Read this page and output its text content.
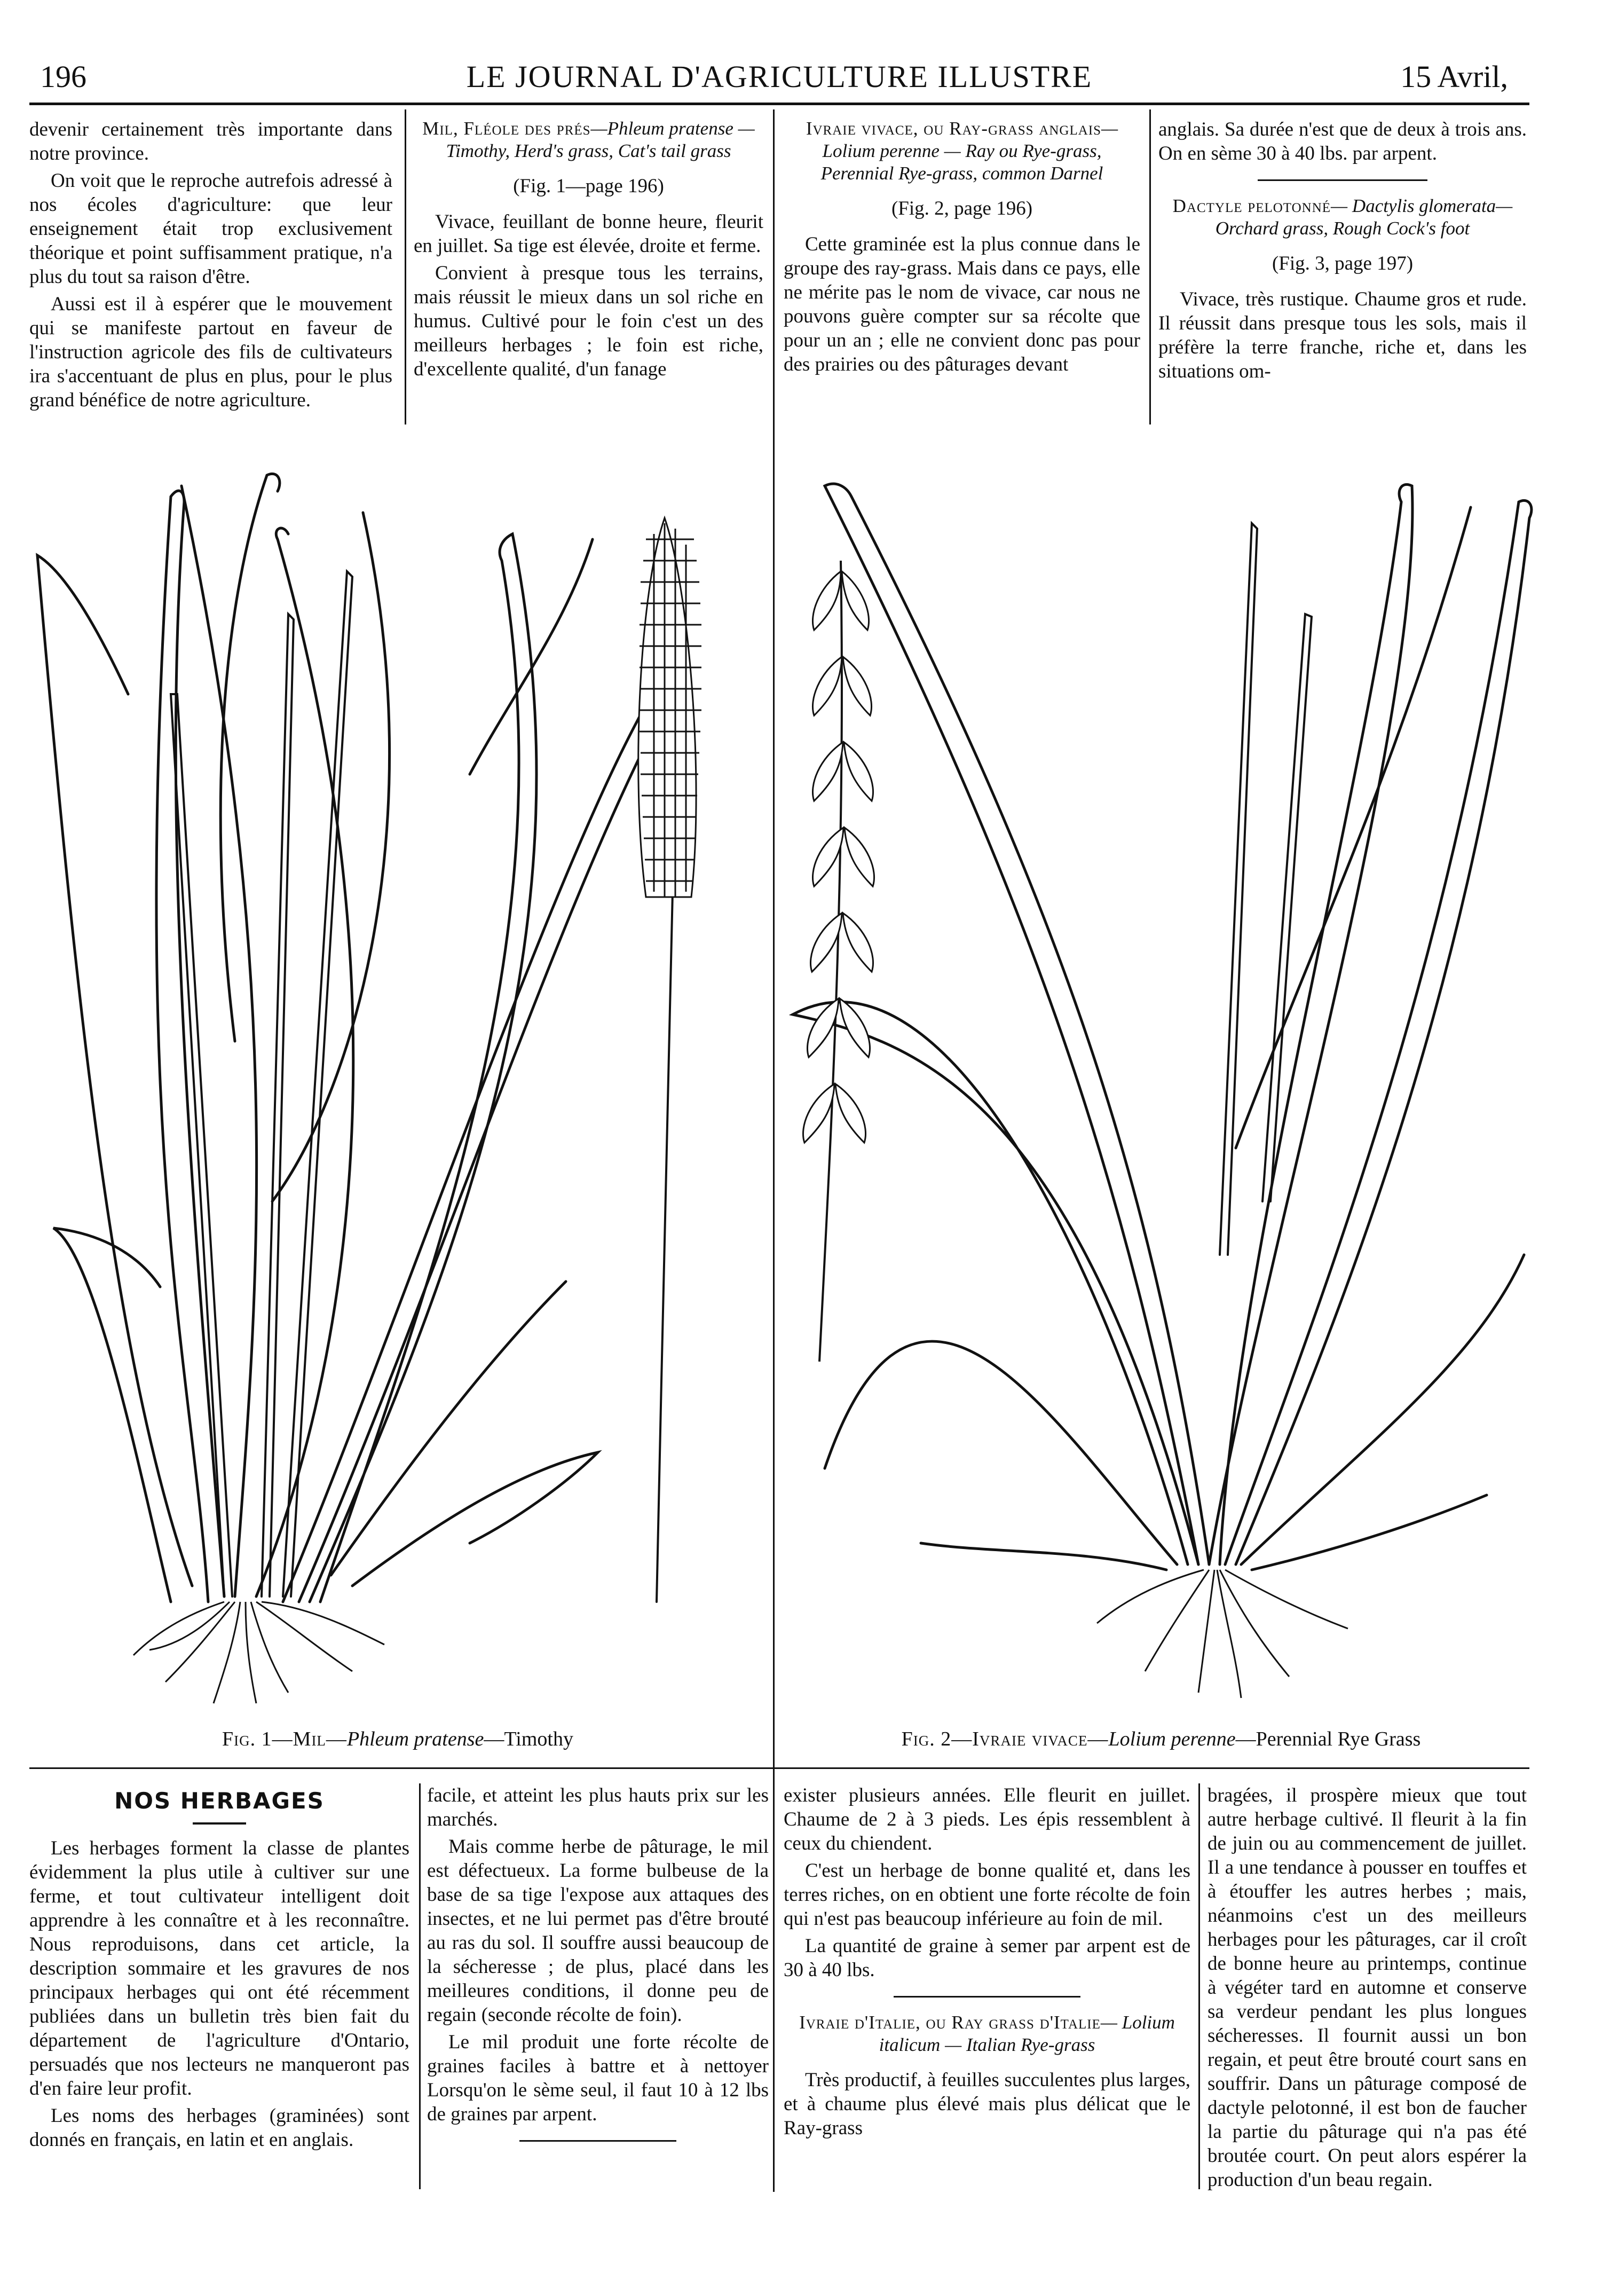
196	LE JOURNAL D'AGRICULTURE ILLUSTRE	15 Avril,

devenir certainement très importante dans notre province.

On voit que le reproche autrefois adressé à nos écoles d'agriculture: que leur enseignement était trop exclusivement théorique et point suffisamment pratique, n'a plus du tout sa raison d'être.

Aussi est il à espérer que le mouvement qui se manifeste partout en faveur de l'instruction agricole des fils de cultivateurs ira s'accentuant de plus en plus, pour le plus grand bénéfice de notre agriculture.

Mil, Fléole des prés—Phleum pratense — Timothy, Herd's grass, Cat's tail grass

(Fig. 1—page 196)

Vivace, feuillant de bonne heure, fleurit en juillet. Sa tige est élevée, droite et ferme.

Convient à presque tous les terrains, mais réussit le mieux dans un sol riche en humus. Cultivé pour le foin c'est un des meilleurs herbages ; le foin est riche, d'excellente qualité, d'un fanage

Ivraie vivace, ou Ray-grass anglais—Lolium perenne — Ray ou Rye-grass, Perennial Rye-grass, common Darnel

(Fig. 2, page 196)

Cette graminée est la plus connue dans le groupe des ray-grass. Mais dans ce pays, elle ne mérite pas le nom de vivace, car nous ne pouvons guère compter sur sa récolte que pour un an ; elle ne convient donc pas pour des prairies ou des pâturages devant

anglais. Sa durée n'est que de deux à trois ans. On en sème 30 à 40 lbs. par arpent.

Dactyle pelotonné— Dactylis glomerata—Orchard grass, Rough Cock's foot

(Fig. 3, page 197)

Vivace, très rustique. Chaume gros et rude. Il réussit dans presque tous les sols, mais il préfère la terre franche, riche et, dans les situations om-

Fig. 1—Mil—Phleum pratense—Timothy	Fig. 2—Ivraie vivace—Lolium perenne—Perennial Rye Grass
NOS HERBAGES

Les herbages forment la classe de plantes évidemment la plus utile à cultiver sur une ferme, et tout cultivateur intelligent doit apprendre à les connaître et à les reconnaître. Nous reproduisons, dans cet article, la description sommaire et les gravures de nos principaux herbages qui ont été récemment publiées dans un bulletin très bien fait du département de l'agriculture d'Ontario, persuadés que nos lecteurs ne manqueront pas d'en faire leur profit.

Les noms des herbages (graminées) sont donnés en français, en latin et en anglais.

facile, et atteint les plus hauts prix sur les marchés.

Mais comme herbe de pâturage, le mil est défectueux. La forme bulbeuse de la base de sa tige l'expose aux attaques des insectes, et ne lui permet pas d'être brouté au ras du sol. Il souffre aussi beaucoup de la sécheresse ; de plus, placé dans les meilleures conditions, il donne peu de regain (seconde récolte de foin).

Le mil produit une forte récolte de graines faciles à battre et à nettoyer Lorsqu'on le sème seul, il faut 10 à 12 lbs de graines par arpent.

exister plusieurs années. Elle fleurit en juillet. Chaume de 2 à 3 pieds. Les épis ressemblent à ceux du chiendent.

C'est un herbage de bonne qualité et, dans les terres riches, on en obtient une forte récolte de foin qui n'est pas beaucoup inférieure au foin de mil.

La quantité de graine à semer par arpent est de 30 à 40 lbs.

Ivraie d'Italie, ou Ray grass d'Italie— Lolium italicum — Italian Rye-grass

Très productif, à feuilles succulentes plus larges, et à chaume plus élevé mais plus délicat que le Ray-grass

bragées, il prospère mieux que tout autre herbage cultivé. Il fleurit à la fin de juin ou au commencement de juillet. Il a une tendance à pousser en touffes et à étouffer les autres herbes ; mais, néanmoins c'est un des meilleurs herbages pour les pâturages, car il croît de bonne heure au printemps, continue à végéter tard en automne et conserve sa verdeur pendant les plus longues sécheresses. Il fournit aussi un bon regain, et peut être brouté court sans en souffrir. Dans un pâturage composé de dactyle pelotonné, il est bon de faucher la partie du pâturage qui n'a pas été broutée court. On peut alors espérer la production d'un beau regain.
